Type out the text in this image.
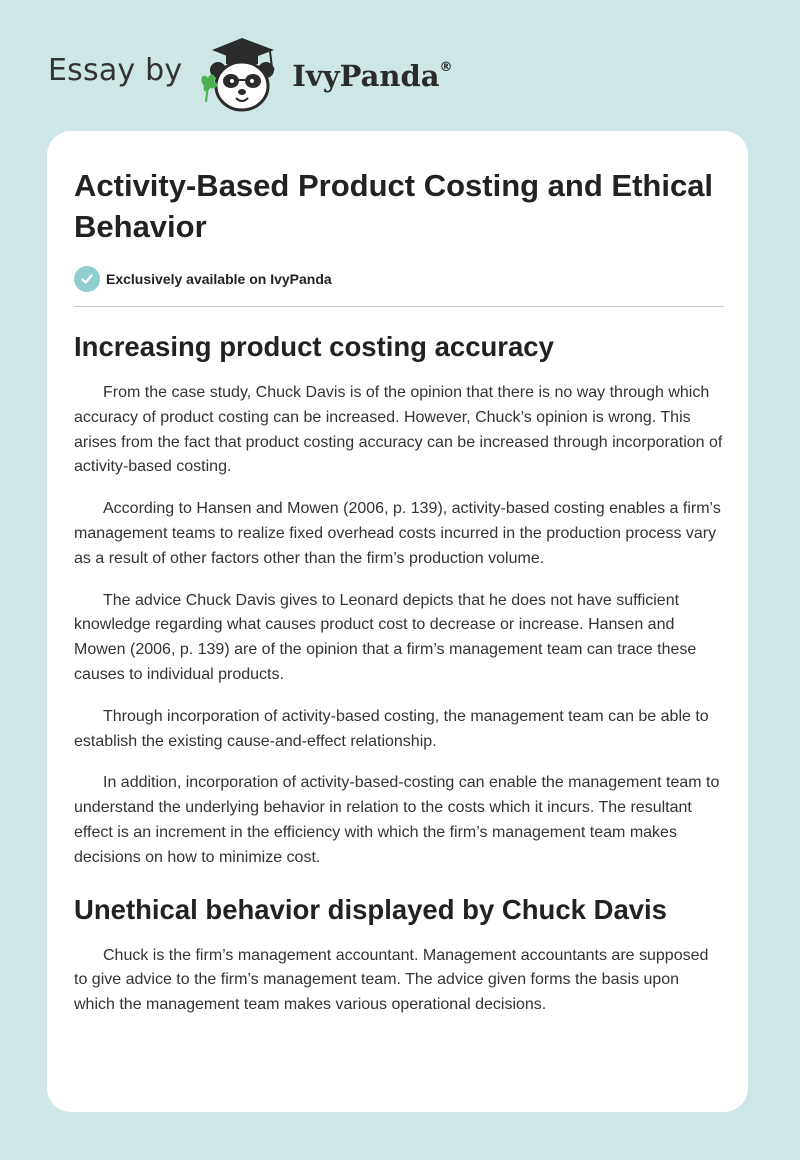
Essay by	IvyPanda®
Activity-Based Product Costing and Ethical Behavior
Exclusively available on IvyPanda
Increasing product costing accuracy

From the case study, Chuck Davis is of the opinion that there is no way through which accuracy of product costing can be increased. However, Chuck’s opinion is wrong. This arises from the fact that product costing accuracy can be increased through incorporation of activity-based costing.

According to Hansen and Mowen (2006, p. 139), activity-based costing enables a firm’s management teams to realize fixed overhead costs incurred in the production process vary as a result of other factors other than the firm’s production volume.

The advice Chuck Davis gives to Leonard depicts that he does not have sufficient knowledge regarding what causes product cost to decrease or increase. Hansen and Mowen (2006, p. 139) are of the opinion that a firm’s management team can trace these causes to individual products.

Through incorporation of activity-based costing, the management team can be able to establish the existing cause-and-effect relationship.

In addition, incorporation of activity-based-costing can enable the management team to understand the underlying behavior in relation to the costs which it incurs. The resultant effect is an increment in the efficiency with which the firm’s management team makes decisions on how to minimize cost.

Unethical behavior displayed by Chuck Davis

Chuck is the firm’s management accountant. Management accountants are supposed to give advice to the firm’s management team. The advice given forms the basis upon which the management team makes various operational decisions.
